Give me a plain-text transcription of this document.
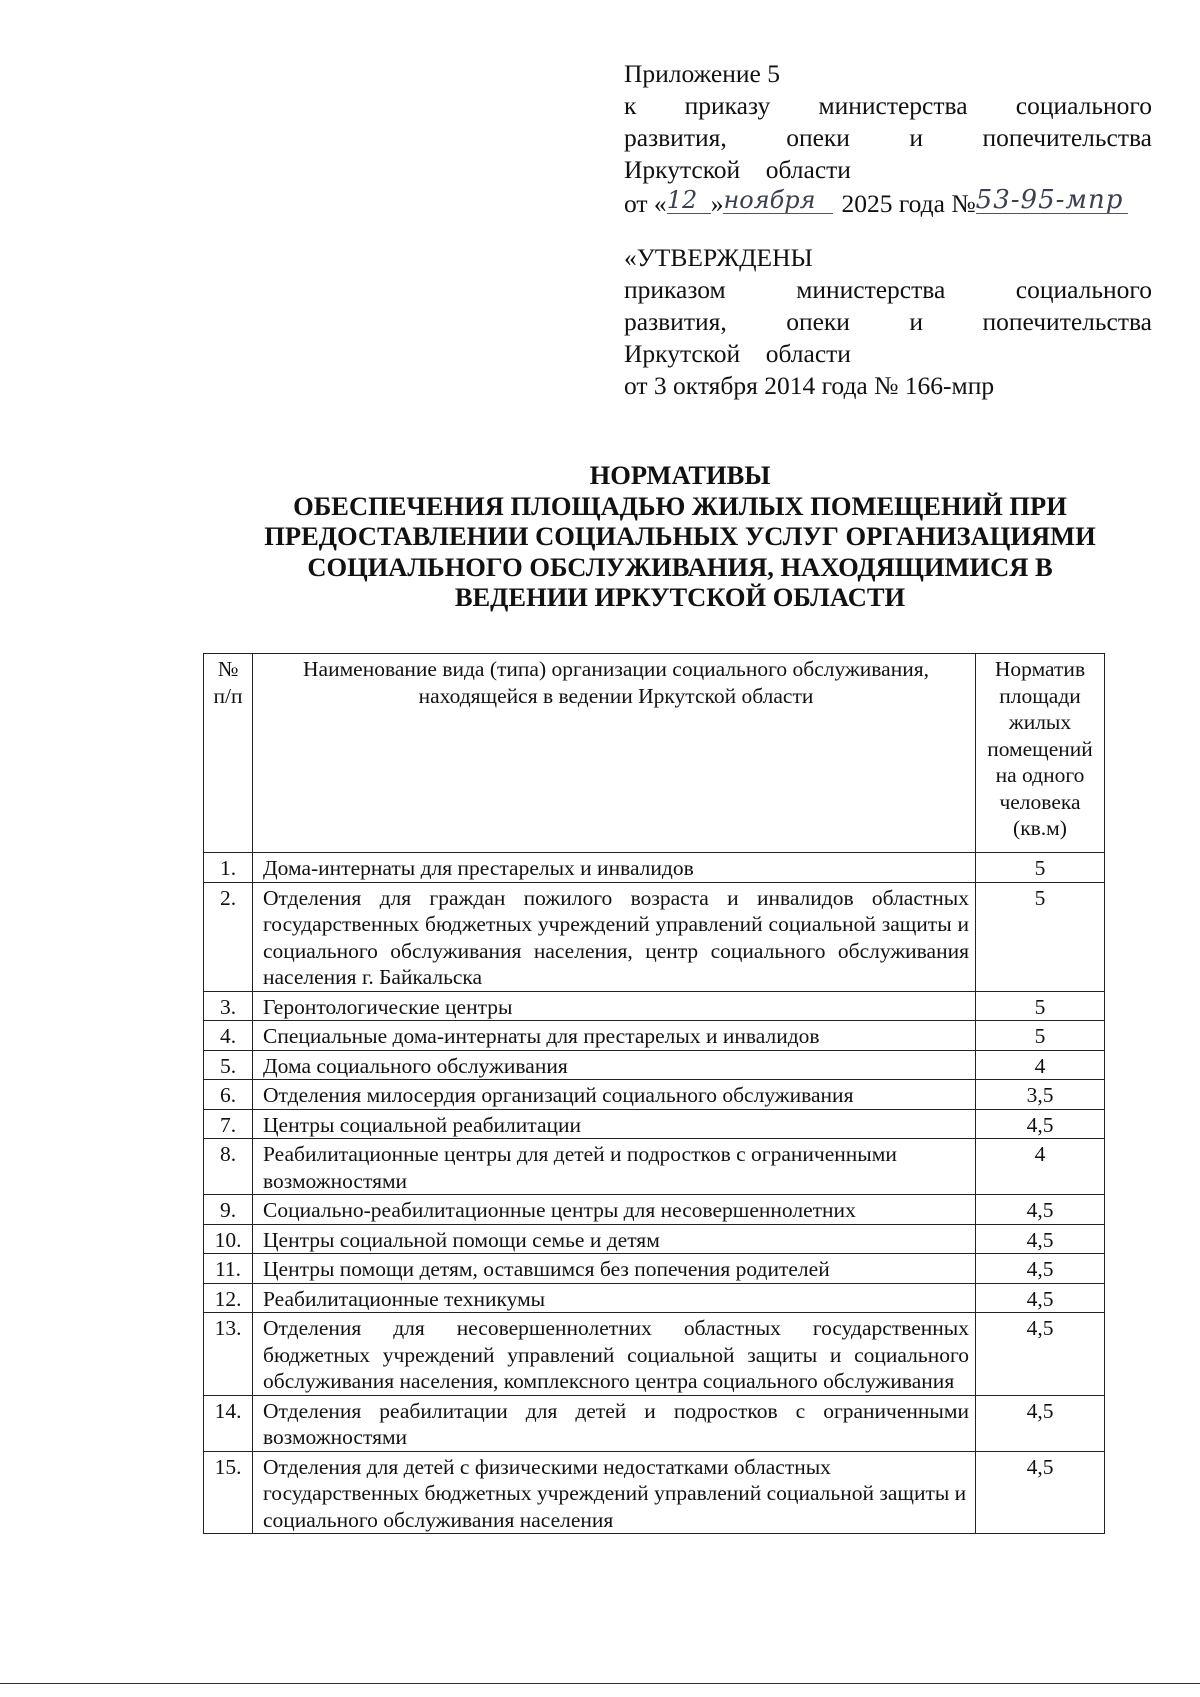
Приложение 5
к приказу министерства социального
развития, опеки и попечительства
Иркутской    области
от « 12 » ноября 2025 года № 53-95-мпр
«УТВЕРЖДЕНЫ
приказом	министерства	социального
развития, опеки и попечительства
Иркутской    области
от 3 октября 2014 года № 166-мпр
НОРМАТИВЫ
ОБЕСПЕЧЕНИЯ ПЛОЩАДЬЮ ЖИЛЫХ ПОМЕЩЕНИЙ ПРИ
ПРЕДОСТАВЛЕНИИ СОЦИАЛЬНЫХ УСЛУГ ОРГАНИЗАЦИЯМИ
СОЦИАЛЬНОГО ОБСЛУЖИВАНИЯ, НАХОДЯЩИМИСЯ В
ВЕДЕНИИ ИРКУТСКОЙ ОБЛАСТИ
№ п/п	Наименование вида (типа) организации социального обслуживания, находящейся в ведении Иркутской области	Норматив площади жилых помещений на одного человека (кв.м)
1.	Дома-интернаты для престарелых и инвалидов	5
2.	Отделения для граждан пожилого возраста и инвалидов областных государственных бюджетных учреждений управлений социальной защиты и социального обслуживания населения, центр социального обслуживания населения г. Байкальска	5
3.	Геронтологические центры	5
4.	Специальные дома-интернаты для престарелых и инвалидов	5
5.	Дома социального обслуживания	4
6.	Отделения милосердия организаций социального обслуживания	3,5
7.	Центры социальной реабилитации	4,5
8.	Реабилитационные центры для детей и подростков с ограниченными возможностями	4
9.	Социально-реабилитационные центры для несовершеннолетних	4,5
10.	Центры социальной помощи семье и детям	4,5
11.	Центры помощи детям, оставшимся без попечения родителей	4,5
12.	Реабилитационные техникумы	4,5
13.	Отделения для несовершеннолетних областных государственных бюджетных учреждений управлений социальной защиты и социального обслуживания населения, комплексного центра социального обслуживания	4,5
14.	Отделения реабилитации для детей и подростков с ограниченными возможностями	4,5
15.	Отделения для детей с физическими недостатками областных государственных бюджетных учреждений управлений социальной защиты и социального обслуживания населения	4,5
